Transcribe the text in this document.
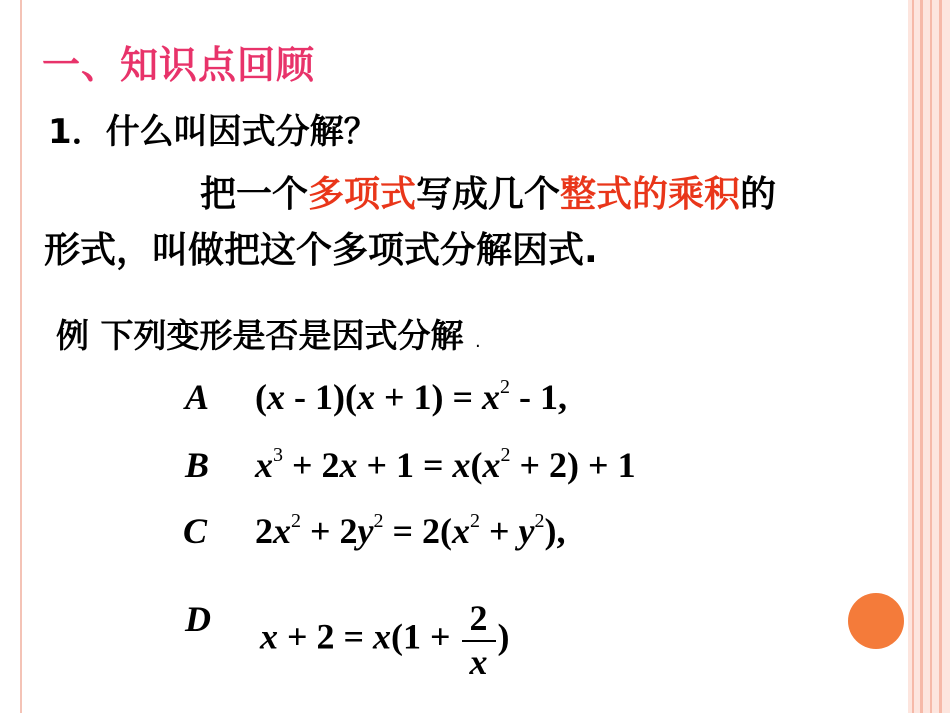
一、知识点回顾
1．什么叫因式分解？
把一个多项式写成几个整式的乘积的
形式，叫做把这个多项式分解因式.
例 下列变形是否是因式分解 .
A $(x - 1)(x + 1) = x^2 - 1$,
B $x^3 + 2x + 1 = x(x^2 + 2) + 1$
C $2x^2 + 2y^2 = 2(x^2 + y^2)$,
D $x + 2 = x(1 + \frac{2}{x}$ )
